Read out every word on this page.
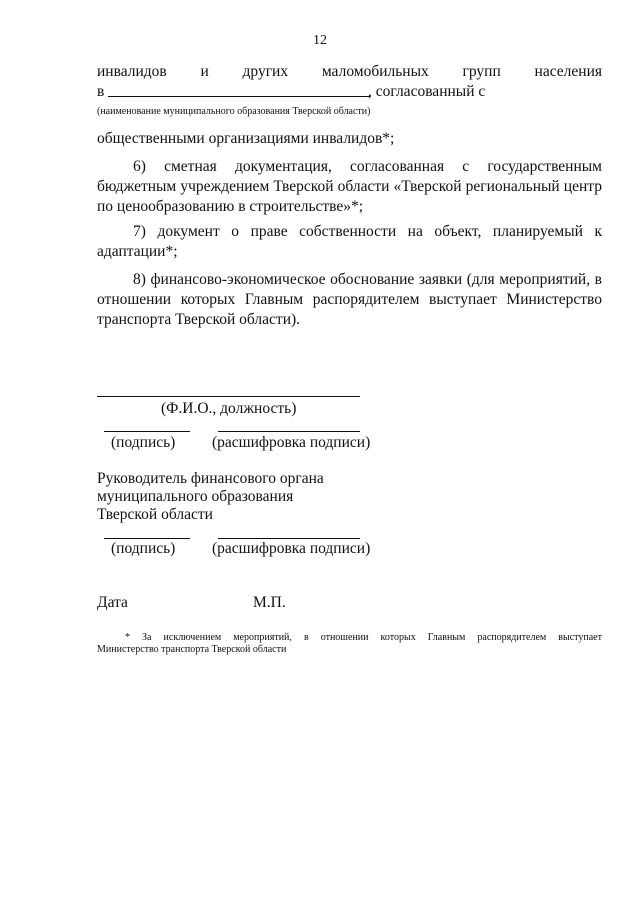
12
инвалидов и других маломобильных групп населения
в	, согласованный с
(наименование муниципального образования Тверской области)
общественными организациями инвалидов*;
6) сметная документация, согласованная с государственным
бюджетным учреждением Тверской области «Тверской региональный центр
по ценообразованию в строительстве»*;
7) документ о праве собственности на объект, планируемый к
адаптации*;
8) финансово-экономическое обоснование заявки (для мероприятий, в
отношении которых Главным распорядителем выступает Министерство
транспорта Тверской области).
(Ф.И.О., должность)
(подпись) (расшифровка подписи)
Руководитель финансового органа
муниципального образования
Тверской области
(подпись) (расшифровка подписи)
Дата	М.П.
* За исключением мероприятий, в отношении которых Главным распорядителем выступает
Министерство транспорта Тверской области
